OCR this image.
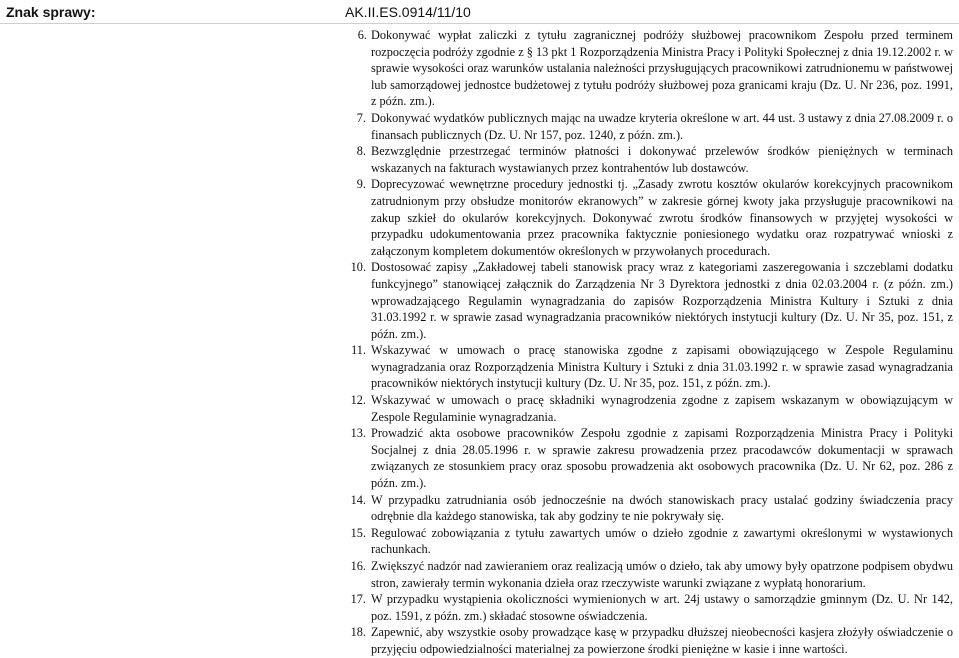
Znak sprawy:	AK.II.ES.0914/11/10
6. Dokonywać wypłat zaliczki z tytułu zagranicznej podróży służbowej pracownikom Zespołu przed terminem rozpoczęcia podróży zgodnie z § 13 pkt 1 Rozporządzenia Ministra Pracy i Polityki Społecznej z dnia 19.12.2002 r. w sprawie wysokości oraz warunków ustalania należności przysługujących pracownikowi zatrudnionemu w państwowej lub samorządowej jednostce budżetowej z tytułu podróży służbowej poza granicami kraju (Dz. U. Nr 236, poz. 1991, z późn. zm.).
7. Dokonywać wydatków publicznych mając na uwadze kryteria określone w art. 44 ust. 3 ustawy z dnia 27.08.2009 r. o finansach publicznych (Dz. U. Nr 157, poz. 1240, z późn. zm.).
8. Bezwzględnie przestrzegać terminów płatności i dokonywać przelewów środków pieniężnych w terminach wskazanych na fakturach wystawianych przez kontrahentów lub dostawców.
9. Doprecyzować wewnętrzne procedury jednostki tj. „Zasady zwrotu kosztów okularów korekcyjnych pracownikom zatrudnionym przy obsłudze monitorów ekranowych” w zakresie górnej kwoty jaka przysługuje pracownikowi na zakup szkieł do okularów korekcyjnych. Dokonywać zwrotu środków finansowych w przyjętej wysokości w przypadku udokumentowania przez pracownika faktycznie poniesionego wydatku oraz rozpatrywać wnioski z załączonym kompletem dokumentów określonych w przywołanych procedurach.
10. Dostosować zapisy „Zakładowej tabeli stanowisk pracy wraz z kategoriami zaszeregowania i szczeblami dodatku funkcyjnego” stanowiącej załącznik do Zarządzenia Nr 3 Dyrektora jednostki z dnia 02.03.2004 r. (z późn. zm.) wprowadzającego Regulamin wynagradzania do zapisów Rozporządzenia Ministra Kultury i Sztuki z dnia 31.03.1992 r. w sprawie zasad wynagradzania pracowników niektórych instytucji kultury (Dz. U. Nr 35, poz. 151, z późn. zm.).
11. Wskazywać w umowach o pracę stanowiska zgodne z zapisami obowiązującego w Zespole Regulaminu wynagradzania oraz Rozporządzenia Ministra Kultury i Sztuki z dnia 31.03.1992 r. w sprawie zasad wynagradzania pracowników niektórych instytucji kultury (Dz. U. Nr 35, poz. 151, z późn. zm.).
12. Wskazywać w umowach o pracę składniki wynagrodzenia zgodne z zapisem wskazanym w obowiązującym w Zespole Regulaminie wynagradzania.
13. Prowadzić akta osobowe pracowników Zespołu zgodnie z zapisami Rozporządzenia Ministra Pracy i Polityki Socjalnej z dnia 28.05.1996 r. w sprawie zakresu prowadzenia przez pracodawców dokumentacji w sprawach związanych ze stosunkiem pracy oraz sposobu prowadzenia akt osobowych pracownika (Dz. U. Nr 62, poz. 286 z późn. zm.).
14. W przypadku zatrudniania osób jednocześnie na dwóch stanowiskach pracy ustalać godziny świadczenia pracy odrębnie dla każdego stanowiska, tak aby godziny te nie pokrywały się.
15. Regulować zobowiązania z tytułu zawartych umów o dzieło zgodnie z zawartymi określonymi w wystawionych rachunkach.
16. Zwiększyć nadzór nad zawieraniem oraz realizacją umów o dzieło, tak aby umowy były opatrzone podpisem obydwu stron, zawierały termin wykonania dzieła oraz rzeczywiste warunki związane z wypłatą honorarium.
17. W przypadku wystąpienia okoliczności wymienionych w art. 24j ustawy o samorządzie gminnym (Dz. U. Nr 142, poz. 1591, z późn. zm.) składać stosowne oświadczenia.
18. Zapewnić, aby wszystkie osoby prowadzące kasę w przypadku dłuższej nieobecności kasjera złożyły oświadczenie o przyjęciu odpowiedzialności materialnej za powierzone środki pieniężne w kasie i inne wartości.
